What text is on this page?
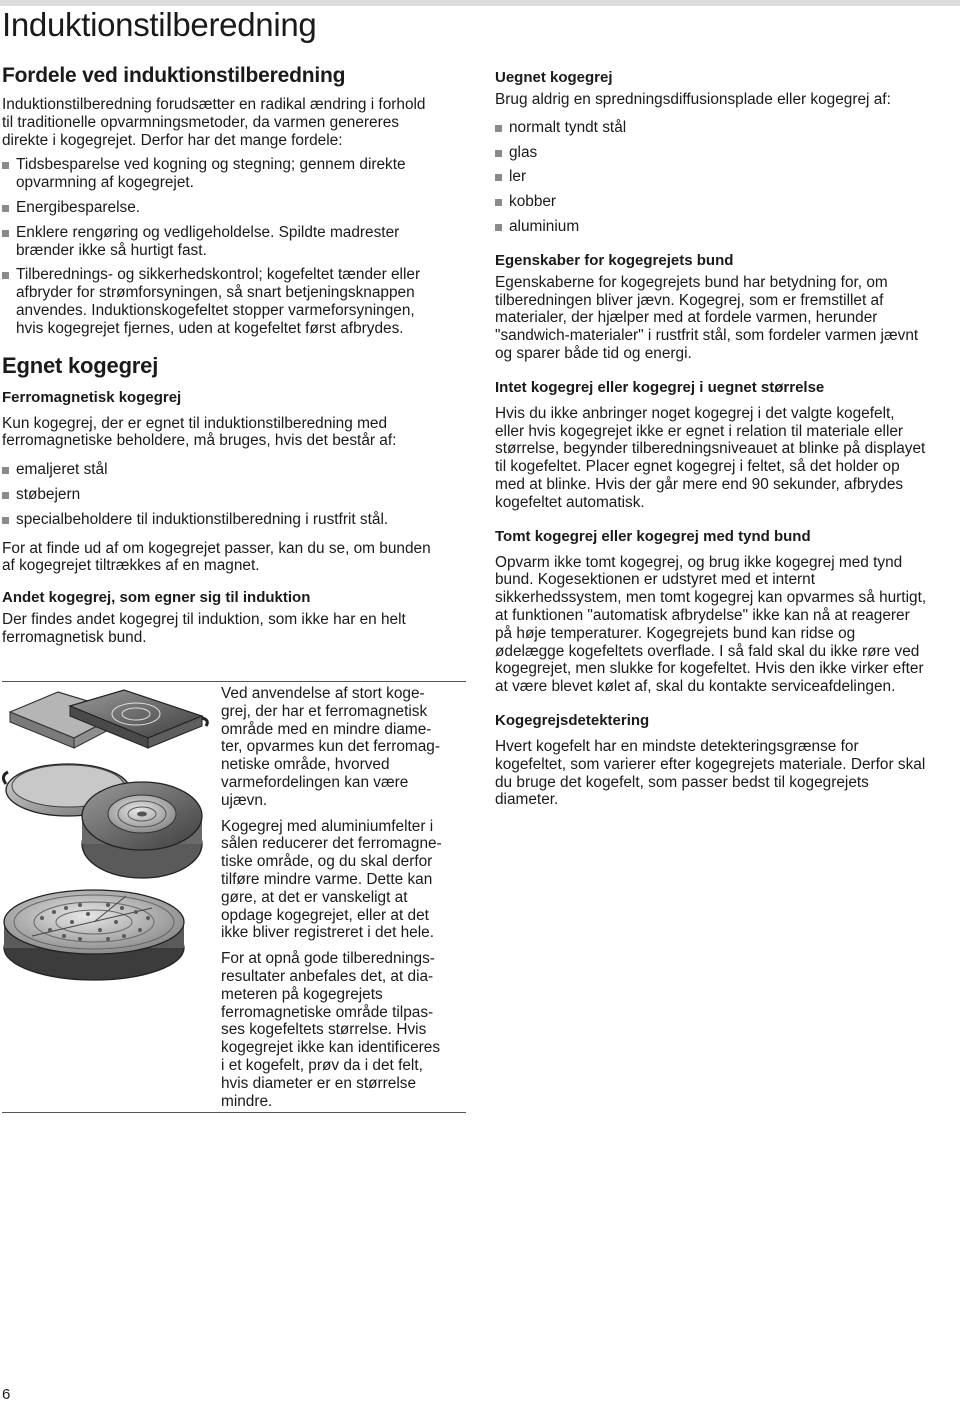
Induktionstilberedning
Fordele ved induktionstilberedning

Induktionstilberedning forudsætter en radikal ændring i forhold
til traditionelle opvarmningsmetoder, da varmen genereres
direkte i kogegrejet. Derfor har det mange fordele:

Tidsbesparelse ved kogning og stegning; gennem direkte
opvarmning af kogegrejet.
Energibesparelse.
Enklere rengøring og vedligeholdelse. Spildte madrester
brænder ikke så hurtigt fast.
Tilberednings- og sikkerhedskontrol; kogefeltet tænder eller
afbryder for strømforsyningen, så snart betjeningsknappen
anvendes. Induktionskogefeltet stopper varmeforsyningen,
hvis kogegrejet fjernes, uden at kogefeltet først afbrydes.
Egnet kogegrej
Ferromagnetisk kogegrej

Kun kogegrej, der er egnet til induktionstilberedning med
ferromagnetiske beholdere, må bruges, hvis det består af:

emaljeret stål
støbejern
specialbeholdere til induktionstilberedning i rustfrit stål.

For at finde ud af om kogegrejet passer, kan du se, om bunden
af kogegrejet tiltrækkes af en magnet.

Andet kogegrej, som egner sig til induktion

Der findes andet kogegrej til induktion, som ikke har en helt
ferromagnetisk bund.

Ved anvendelse af stort koge-
grej, der har et ferromagnetisk
område med en mindre diame-
ter, opvarmes kun det ferromag-
netiske område, hvorved
varmefordelingen kan være
ujævn.

Kogegrej med aluminiumfelter i
sålen reducerer det ferromagne-
tiske område, og du skal derfor
tilføre mindre varme. Dette kan
gøre, at det er vanskeligt at
opdage kogegrejet, eller at det
ikke bliver registreret i det hele.

For at opnå gode tilberednings-
resultater anbefales det, at dia-
meteren på kogegrejets
ferromagnetiske område tilpas-
ses kogefeltets størrelse. Hvis
kogegrejet ikke kan identificeres
i et kogefelt, prøv da i det felt,
hvis diameter er en størrelse
mindre.

Uegnet kogegrej

Brug aldrig en spredningsdiffusionsplade eller kogegrej af:

normalt tyndt stål
glas
ler
kobber
aluminium
Egenskaber for kogegrejets bund

Egenskaberne for kogegrejets bund har betydning for, om
tilberedningen bliver jævn. Kogegrej, som er fremstillet af
materialer, der hjælper med at fordele varmen, herunder
"sandwich-materialer" i rustfrit stål, som fordeler varmen jævnt
og sparer både tid og energi.

Intet kogegrej eller kogegrej i uegnet størrelse

Hvis du ikke anbringer noget kogegrej i det valgte kogefelt,
eller hvis kogegrejet ikke er egnet i relation til materiale eller
størrelse, begynder tilberedningsniveauet at blinke på displayet
til kogefeltet. Placer egnet kogegrej i feltet, så det holder op
med at blinke. Hvis der går mere end 90 sekunder, afbrydes
kogefeltet automatisk.

Tomt kogegrej eller kogegrej med tynd bund

Opvarm ikke tomt kogegrej, og brug ikke kogegrej med tynd
bund. Kogesektionen er udstyret med et internt
sikkerhedssystem, men tomt kogegrej kan opvarmes så hurtigt,
at funktionen "automatisk afbrydelse" ikke kan nå at reagerer
på høje temperaturer. Kogegrejets bund kan ridse og
ødelægge kogefeltets overflade. I så fald skal du ikke røre ved
kogegrejet, men slukke for kogefeltet. Hvis den ikke virker efter
at være blevet kølet af, skal du kontakte serviceafdelingen.

Kogegrejsdetektering

Hvert kogefelt har en mindste detekteringsgrænse for
kogefeltet, som varierer efter kogegrejets materiale. Derfor skal
du bruge det kogefelt, som passer bedst til kogegrejets
diameter.

6
